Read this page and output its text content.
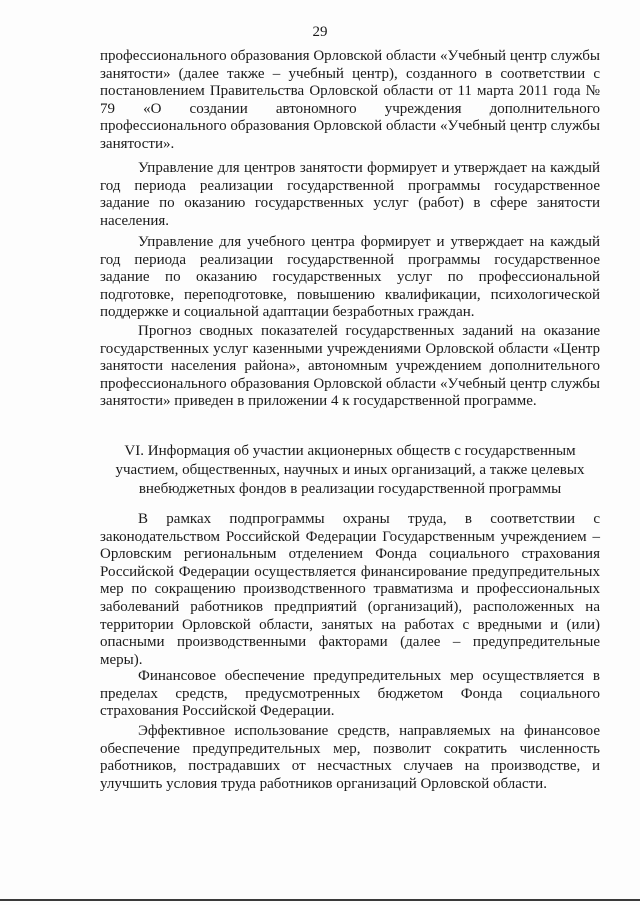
29

профессионального образования Орловской области «Учебный центр службы занятости» (далее также – учебный центр), созданного в соответствии с постановлением Правительства Орловской области от 11 марта 2011 года № 79 «О создании автономного учреждения дополнительного профессионального образования Орловской области «Учебный центр службы занятости».

Управление для центров занятости формирует и утверждает на каждый год периода реализации государственной программы государственное задание по оказанию государственных услуг (работ) в сфере занятости населения.

Управление для учебного центра формирует и утверждает на каждый год периода реализации государственной программы государственное задание по оказанию государственных услуг по профессиональной подготовке, переподготовке, повышению квалификации, психологической поддержке и социальной адаптации безработных граждан.

Прогноз сводных показателей государственных заданий на оказание государственных услуг казенными учреждениями Орловской области «Центр занятости населения района», автономным учреждением дополнительного профессионального образования Орловской области «Учебный центр службы занятости» приведен в приложении 4 к государственной программе.

VI. Информация об участии акционерных обществ с государственным участием, общественных, научных и иных организаций, а также целевых внебюджетных фондов в реализации государственной программы

В рамках подпрограммы охраны труда, в соответствии с законодательством Российской Федерации Государственным учреждением – Орловским региональным отделением Фонда социального страхования Российской Федерации осуществляется финансирование предупредительных мер по сокращению производственного травматизма и профессиональных заболеваний работников предприятий (организаций), расположенных на территории Орловской области, занятых на работах с вредными и (или) опасными производственными факторами (далее – предупредительные меры).

Финансовое обеспечение предупредительных мер осуществляется в пределах средств, предусмотренных бюджетом Фонда социального страхования Российской Федерации.

Эффективное использование средств, направляемых на финансовое обеспечение предупредительных мер, позволит сократить численность работников, пострадавших от несчастных случаев на производстве, и улучшить условия труда работников организаций Орловской области.
